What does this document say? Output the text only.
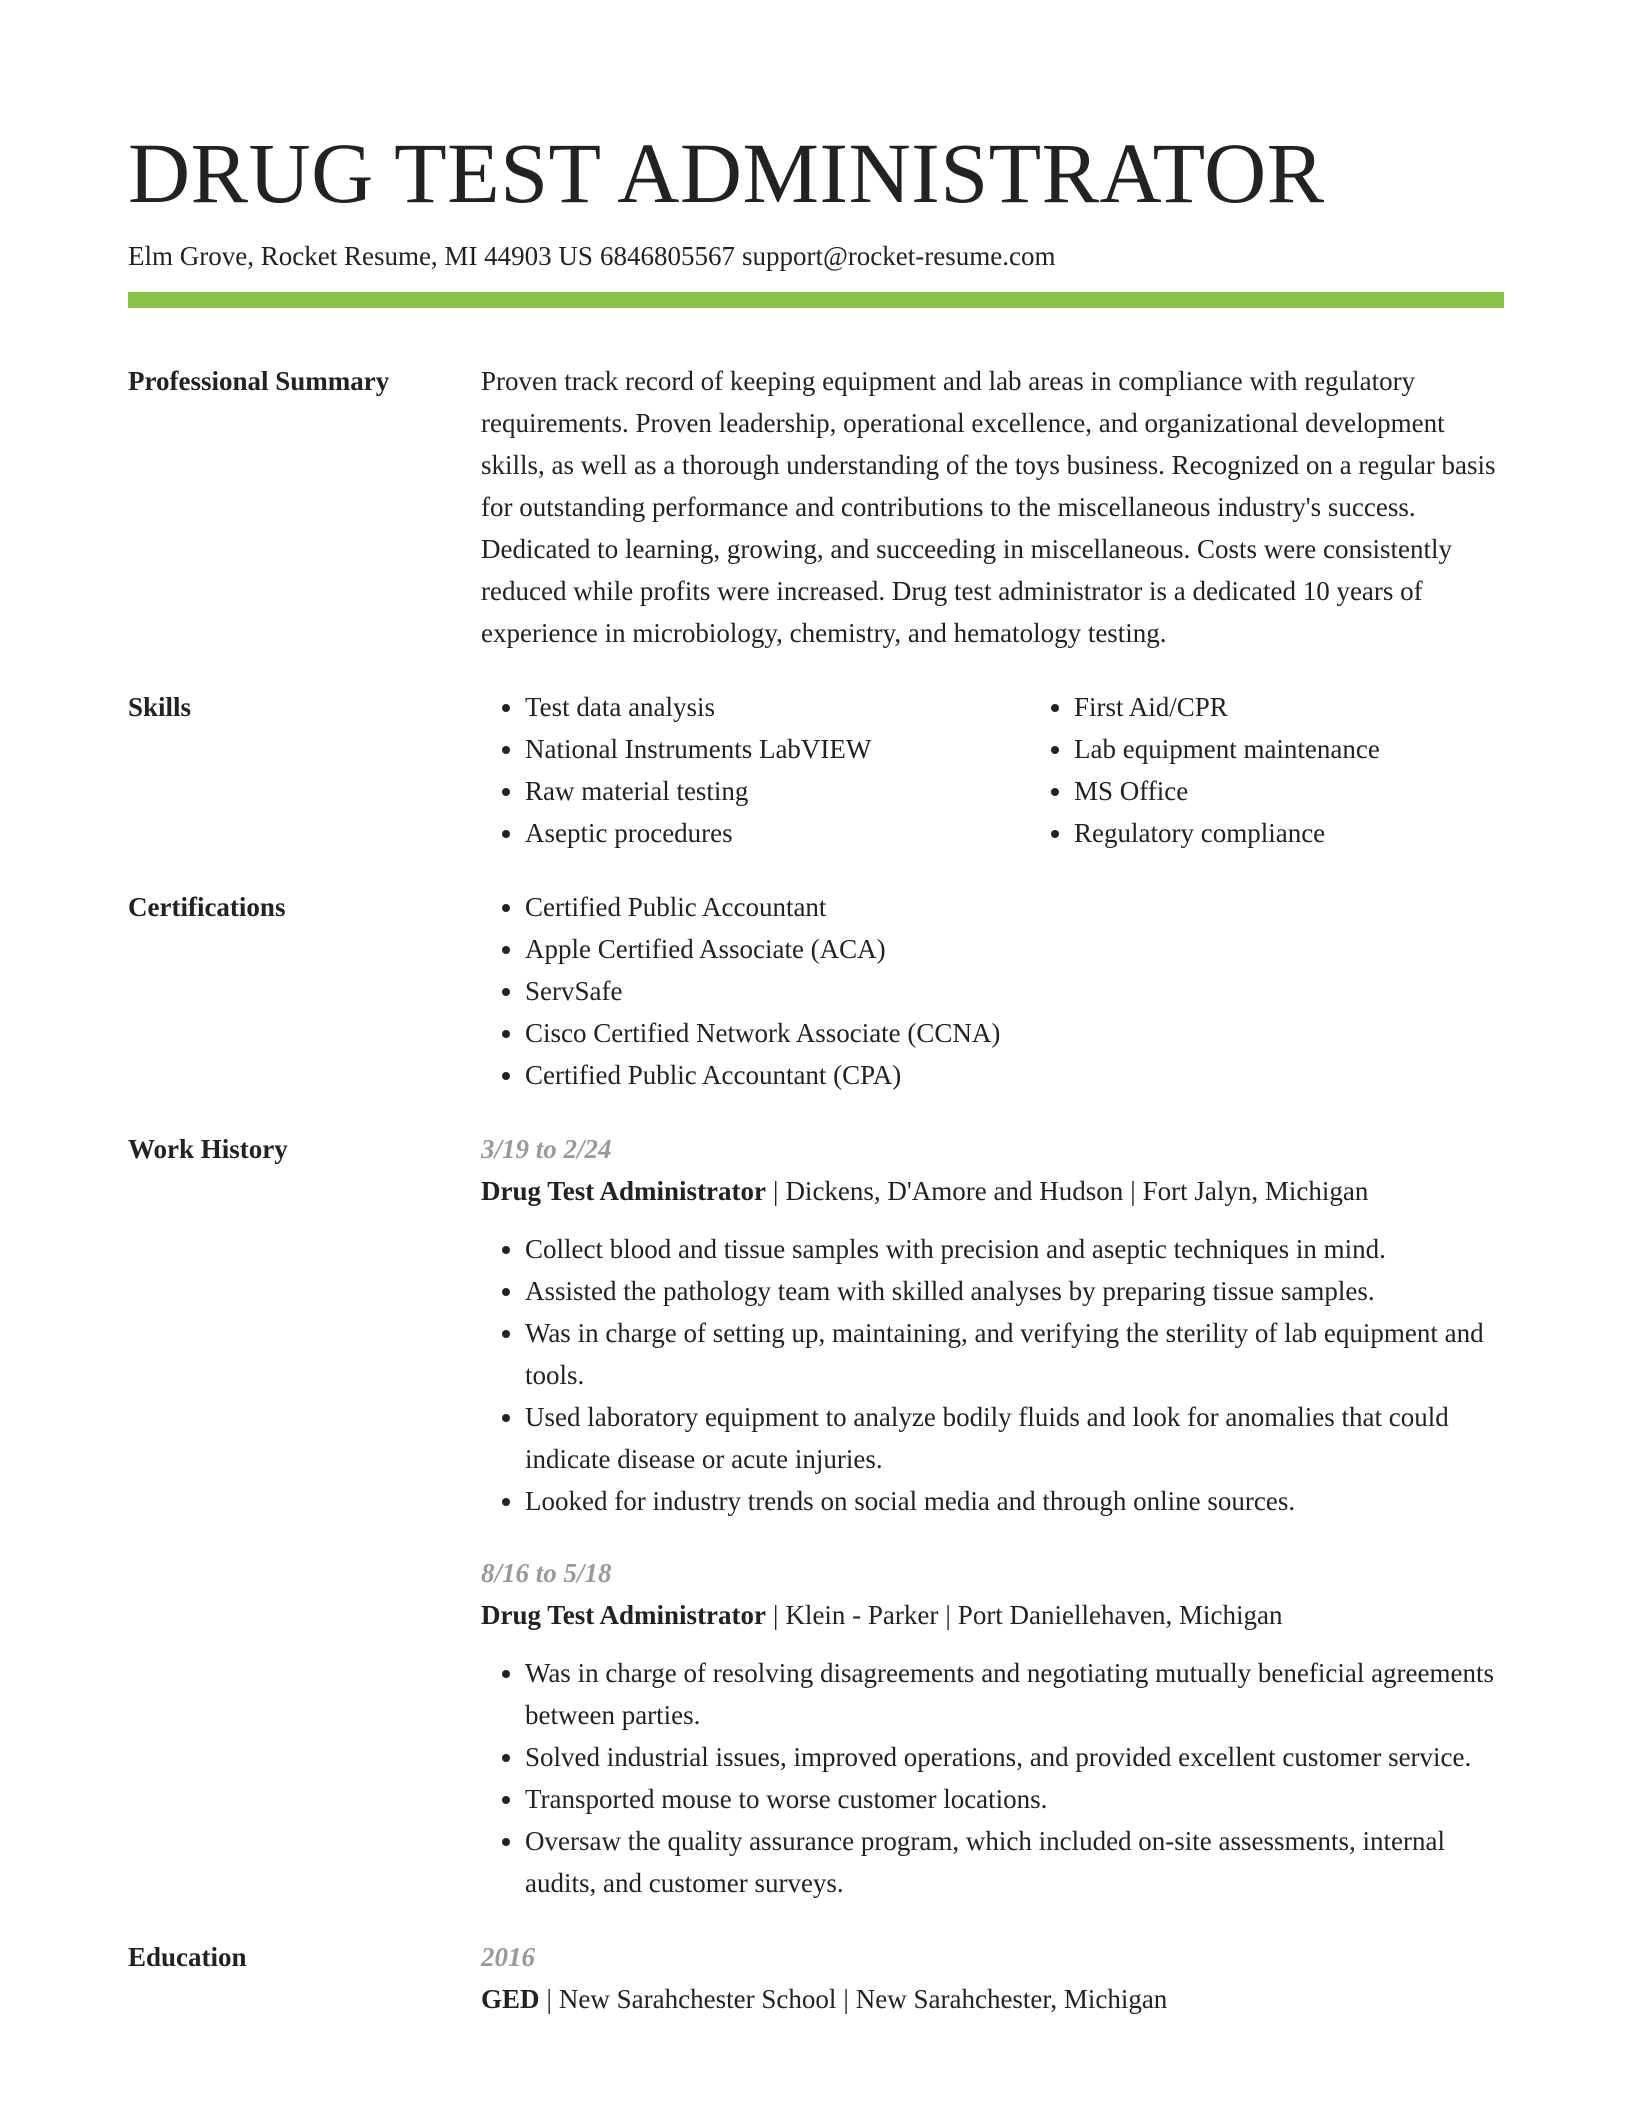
DRUG TEST ADMINISTRATOR
Elm Grove, Rocket Resume, MI 44903 US 6846805567 support@rocket-resume.com
Professional Summary	Proven track record of keeping equipment and lab areas in compliance with regulatory requirements. Proven leadership, operational excellence, and organizational development skills, as well as a thorough understanding of the toys business. Recognized on a regular basis for outstanding performance and contributions to the miscellaneous industry's success. Dedicated to learning, growing, and succeeding in miscellaneous. Costs were consistently reduced while profits were increased. Drug test administrator is a dedicated 10 years of experience in microbiology, chemistry, and hematology testing.
Skills	• Test data analysis
• National Instruments LabVIEW
• Raw material testing
• Aseptic procedures
• First Aid/CPR
• Lab equipment maintenance
• MS Office
• Regulatory compliance
Certifications	• Certified Public Accountant
• Apple Certified Associate (ACA)
• ServSafe
• Cisco Certified Network Associate (CCNA)
• Certified Public Accountant (CPA)
Work History	3/19 to 2/24
Drug Test Administrator | Dickens, D'Amore and Hudson | Fort Jalyn, Michigan
• Collect blood and tissue samples with precision and aseptic techniques in mind.
• Assisted the pathology team with skilled analyses by preparing tissue samples.
• Was in charge of setting up, maintaining, and verifying the sterility of lab equipment and tools.
• Used laboratory equipment to analyze bodily fluids and look for anomalies that could indicate disease or acute injuries.
• Looked for industry trends on social media and through online sources.
8/16 to 5/18
Drug Test Administrator | Klein - Parker | Port Daniellehaven, Michigan
• Was in charge of resolving disagreements and negotiating mutually beneficial agreements between parties.
• Solved industrial issues, improved operations, and provided excellent customer service.
• Transported mouse to worse customer locations.
• Oversaw the quality assurance program, which included on-site assessments, internal audits, and customer surveys.
Education	2016
GED | New Sarahchester School | New Sarahchester, Michigan
